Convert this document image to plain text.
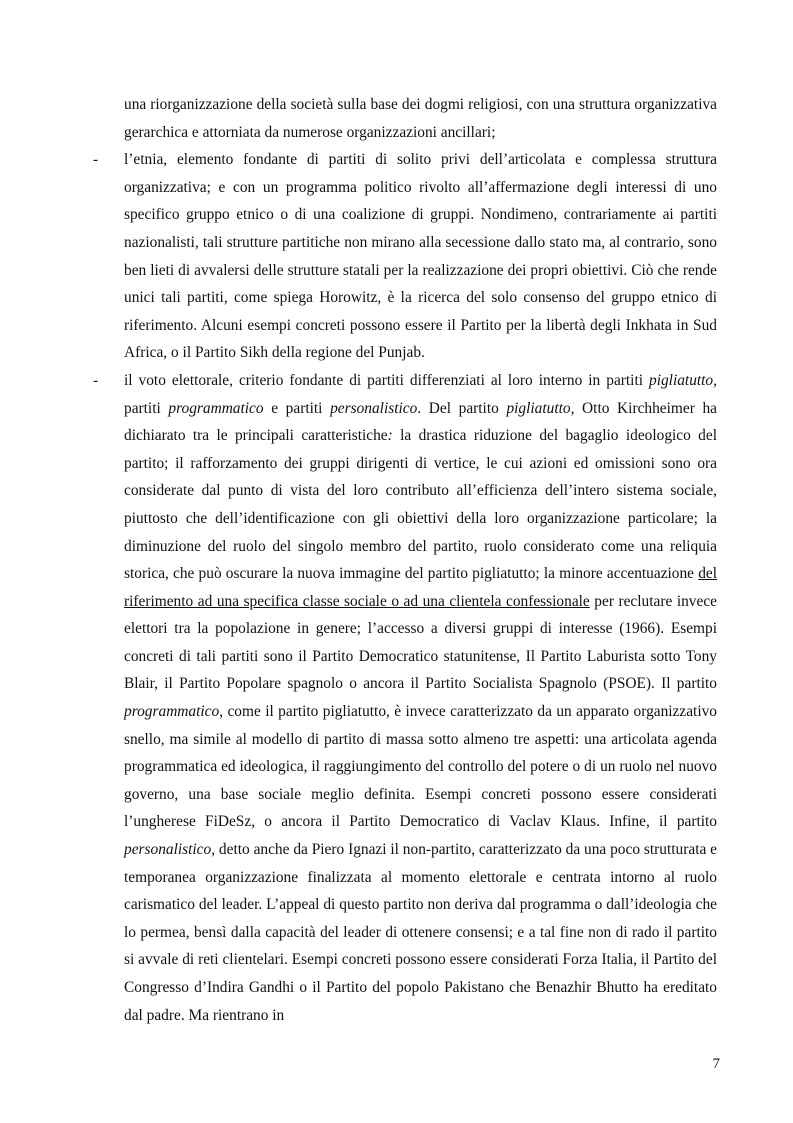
una riorganizzazione della società sulla base dei dogmi religiosi, con una struttura organizzativa gerarchica e attorniata da numerose organizzazioni ancillari;

- l’etnia, elemento fondante di partiti di solito privi dell’articolata e complessa struttura organizzativa; e con un programma politico rivolto all’affermazione degli interessi di uno specifico gruppo etnico o di una coalizione di gruppi. Nondimeno, contrariamente ai partiti nazionalisti, tali strutture partitiche non mirano alla secessione dallo stato ma, al contrario, sono ben lieti di avvalersi delle strutture statali per la realizzazione dei propri obiettivi. Ciò che rende unici tali partiti, come spiega Horowitz, è la ricerca del solo consenso del gruppo etnico di riferimento. Alcuni esempi concreti possono essere il Partito per la libertà degli Inkhata in Sud Africa, o il Partito Sikh della regione del Punjab.

- il voto elettorale, criterio fondante di partiti differenziati al loro interno in partiti pigliatutto, partiti programmatico e partiti personalistico. Del partito pigliatutto, Otto Kirchheimer ha dichiarato tra le principali caratteristiche: la drastica riduzione del bagaglio ideologico del partito; il rafforzamento dei gruppi dirigenti di vertice, le cui azioni ed omissioni sono ora considerate dal punto di vista del loro contributo all’efficienza dell’intero sistema sociale, piuttosto che dell’identificazione con gli obiettivi della loro organizzazione particolare; la diminuzione del ruolo del singolo membro del partito, ruolo considerato come una reliquia storica, che può oscurare la nuova immagine del partito pigliatutto; la minore accentuazione del riferimento ad una specifica classe sociale o ad una clientela confessionale per reclutare invece elettori tra la popolazione in genere; l’accesso a diversi gruppi di interesse (1966). Esempi concreti di tali partiti sono il Partito Democratico statunitense, Il Partito Laburista sotto Tony Blair, il Partito Popolare spagnolo o ancora il Partito Socialista Spagnolo (PSOE). Il partito programmatico, come il partito pigliatutto, è invece caratterizzato da un apparato organizzativo snello, ma simile al modello di partito di massa sotto almeno tre aspetti: una articolata agenda programmatica ed ideologica, il raggiungimento del controllo del potere o di un ruolo nel nuovo governo, una base sociale meglio definita. Esempi concreti possono essere considerati l’ungherese FiDeSz, o ancora il Partito Democratico di Vaclav Klaus. Infine, il partito personalistico, detto anche da Piero Ignazi il non-partito, caratterizzato da una poco strutturata e temporanea organizzazione finalizzata al momento elettorale e centrata intorno al ruolo carismatico del leader. L’appeal di questo partito non deriva dal programma o dall’ideologia che lo permea, bensì dalla capacità del leader di ottenere consensi; e a tal fine non di rado il partito si avvale di reti clientelari. Esempi concreti possono essere considerati Forza Italia, il Partito del Congresso d’Indira Gandhi o il Partito del popolo Pakistano che Benazhir Bhutto ha ereditato dal padre. Ma rientrano in

7
